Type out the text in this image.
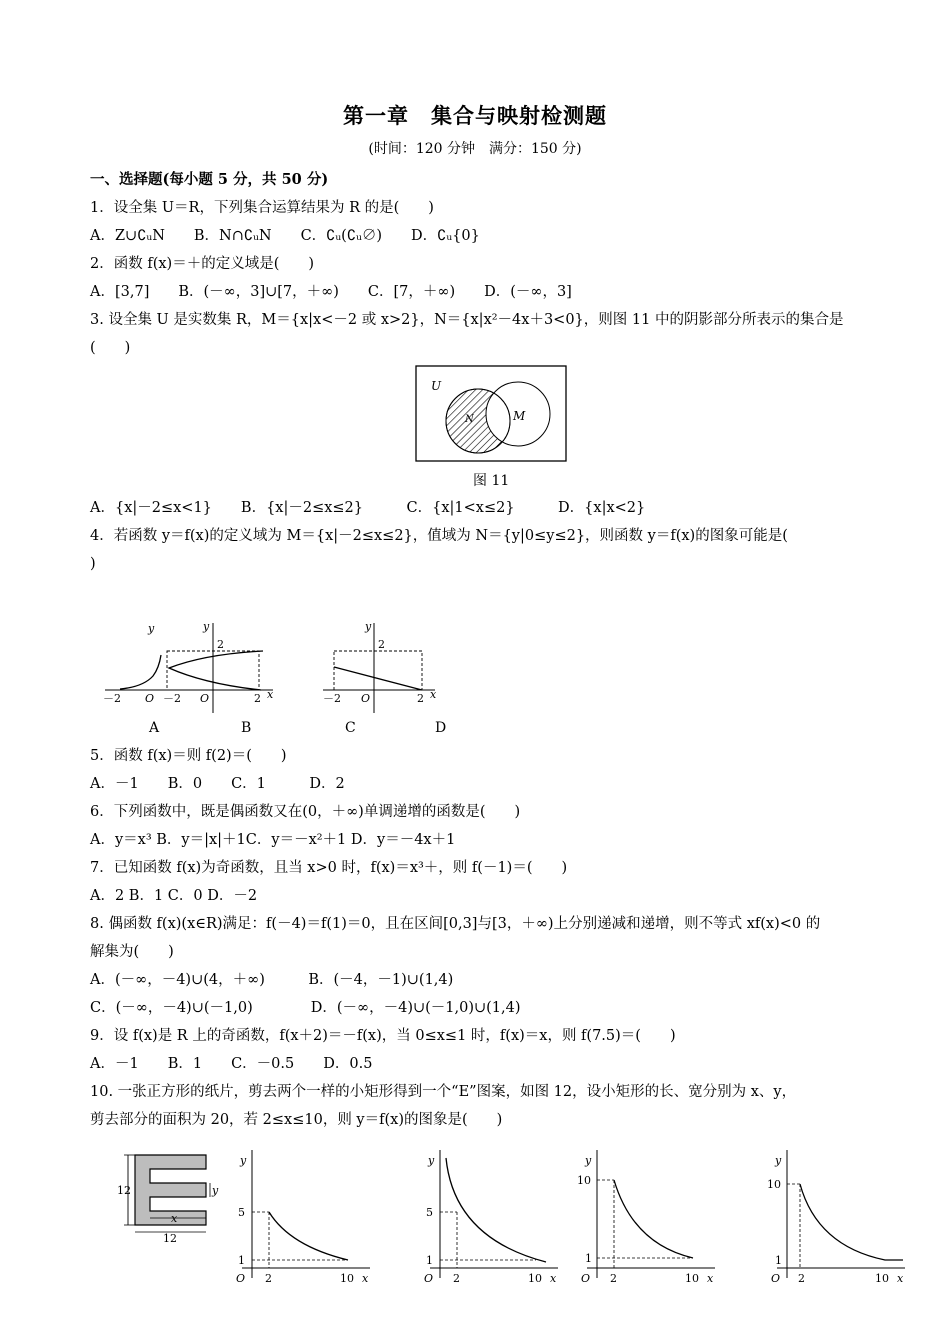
第一章　集合与映射检测题
(时间：120 分钟　满分：150 分)
一、选择题(每小题 5 分，共 50 分)
1．设全集 U＝R，下列集合运算结果为 R 的是(　　)
A．Z∪∁ᵤN　　B．N∩∁ᵤN　　C．∁ᵤ(∁ᵤ∅)　　D．∁ᵤ{0}
2．函数 f(x)＝＋的定义域是(　　)
A．[3,7]　　B．(－∞，3]∪[7，＋∞)　　C．[7，＋∞)　　D．(－∞，3]
3. 设全集 U 是实数集 R，M＝{x|x<－2 或 x>2}，N＝{x|x²－4x＋3<0}，则图 11 中的阴影部分所表示的集合是
(　　)
U
N	M
图 11
A．{x|－2≤x<1}　　B．{x|－2≤x≤2}　　　C．{x|1<x≤2}　　　D．{x|x<2}
4．若函数 y＝f(x)的定义域为 M＝{x|－2≤x≤2}，值域为 N＝{y|0≤y≤2}，则函数 y＝f(x)的图象可能是(
)
y
－2 O
y
2
－2 O	2 x
y
2
－2 O	2 x
A	B	C	D
5．函数 f(x)＝则 f(2)＝(　　)
A．－1　　B．0　　C．1　　　D．2
6．下列函数中，既是偶函数又在(0，＋∞)单调递增的函数是(　　)
A．y＝x³ B．y＝|x|＋1C．y＝－x²＋1 D．y＝－4x＋1
7．已知函数 f(x)为奇函数，且当 x>0 时，f(x)＝x³＋，则 f(－1)＝(　　)
A．2 B．1 C．0 D．－2
8. 偶函数 f(x)(x∈R)满足：f(－4)＝f(1)＝0，且在区间[0,3]与[3，＋∞)上分别递减和递增，则不等式 xf(x)<0 的
解集为(　　)
A．(－∞，－4)∪(4，＋∞)　　　B．(－4，－1)∪(1,4)
C．(－∞，－4)∪(－1,0)　　　　D．(－∞，－4)∪(－1,0)∪(1,4)
9．设 f(x)是 R 上的奇函数，f(x＋2)＝－f(x)，当 0≤x≤1 时，f(x)＝x，则 f(7.5)＝(　　)
A．－1　　B．1　　C．－0.5　　D．0.5
10. 一张正方形的纸片，剪去两个一样的小矩形得到一个“E”图案，如图 12，设小矩形的长、宽分别为 x、y，
剪去部分的面积为 20，若 2≤x≤10，则 y＝f(x)的图象是(　　)
12
x
y
12
y
x
O
5
1
2	10
y
x
O
5
1
2	10
y
x
O
10
1
2	10
y
x
O
10
1
2	10
